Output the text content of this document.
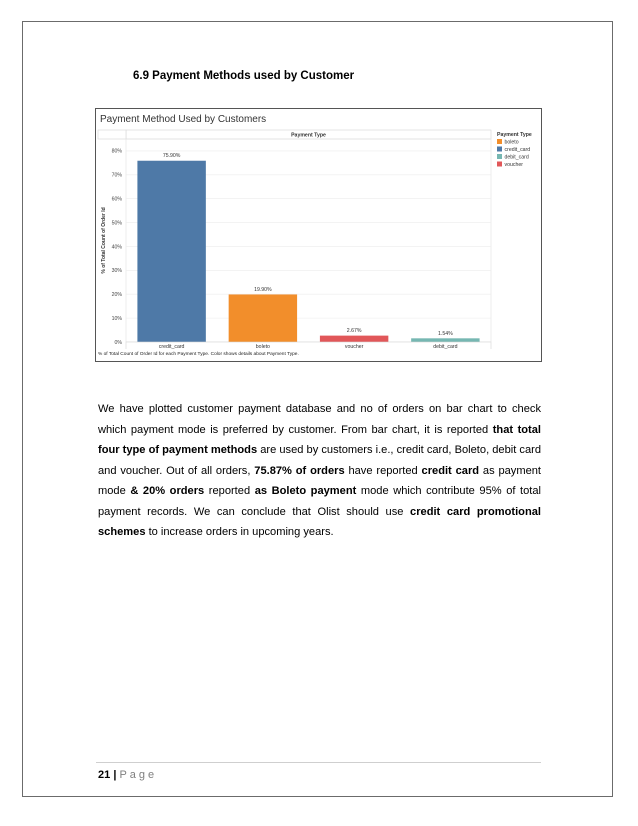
6.9 Payment Methods used by Customer
Payment Method Used by Customers
Payment Type
0%
10%
20%
30%
40%
50%
60%
70%
80%
% of Total Count of Order Id
75.90%
19.90%
2.67%	1.54%
credit_card	boleto	voucher	debit_card
Payment Type
boleto
credit_card
debit_card
voucher
% of Total Count of Order Id for each Payment Type. Color shows details about Payment Type.
We have plotted customer payment database and no of orders on bar chart to check which payment mode is preferred by customer. From bar chart, it is reported that total four type of payment methods are used by customers i.e., credit card, Boleto, debit card and voucher. Out of all orders, 75.87% of orders have reported credit card as payment mode & 20% orders reported as Boleto payment mode which contribute 95% of total payment records. We can conclude that Olist should use credit card promotional schemes to increase orders in upcoming years.
21 | Page
